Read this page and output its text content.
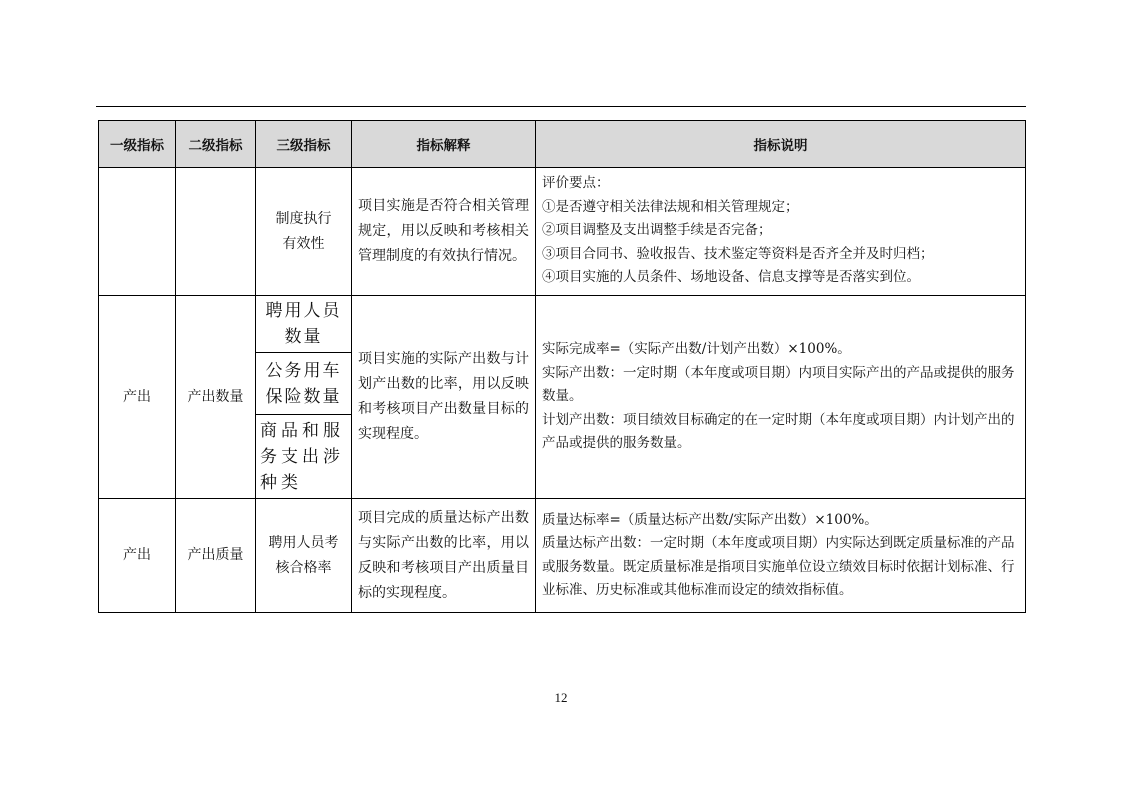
一级指标	二级指标	三级指标	指标解释	指标说明
		制度执行有效性	项目实施是否符合相关管理规定，用以反映和考核相关管理制度的有效执行情况。	评价要点：
①是否遵守相关法律法规和相关管理规定；
②项目调整及支出调整手续是否完备；
③项目合同书、验收报告、技术鉴定等资料是否齐全并及时归档；
④项目实施的人员条件、场地设备、信息支撑等是否落实到位。

产出	产出数量	聘用人员数量	项目实施的实际产出数与计划产出数的比率，用以反映和考核项目产出数量目标的实现程度。	实际完成率=（实际产出数/计划产出数）×100%。
实际产出数：一定时期（本年度或项目期）内项目实际产出的产品或提供的服务数量。
计划产出数：项目绩效目标确定的在一定时期（本年度或项目期）内计划产出的产品或提供的服务数量。

		公务用车保险数量		
		商品和服务支出涉种类		
产出	产出质量	聘用人员考核合格率	项目完成的质量达标产出数与实际产出数的比率，用以反映和考核项目产出质量目标的实现程度。	质量达标率=（质量达标产出数/实际产出数）×100%。
质量达标产出数：一定时期（本年度或项目期）内实际达到既定质量标准的产品或服务数量。既定质量标准是指项目实施单位设立绩效目标时依据计划标准、行业标准、历史标准或其他标准而设定的绩效指标值。
12
